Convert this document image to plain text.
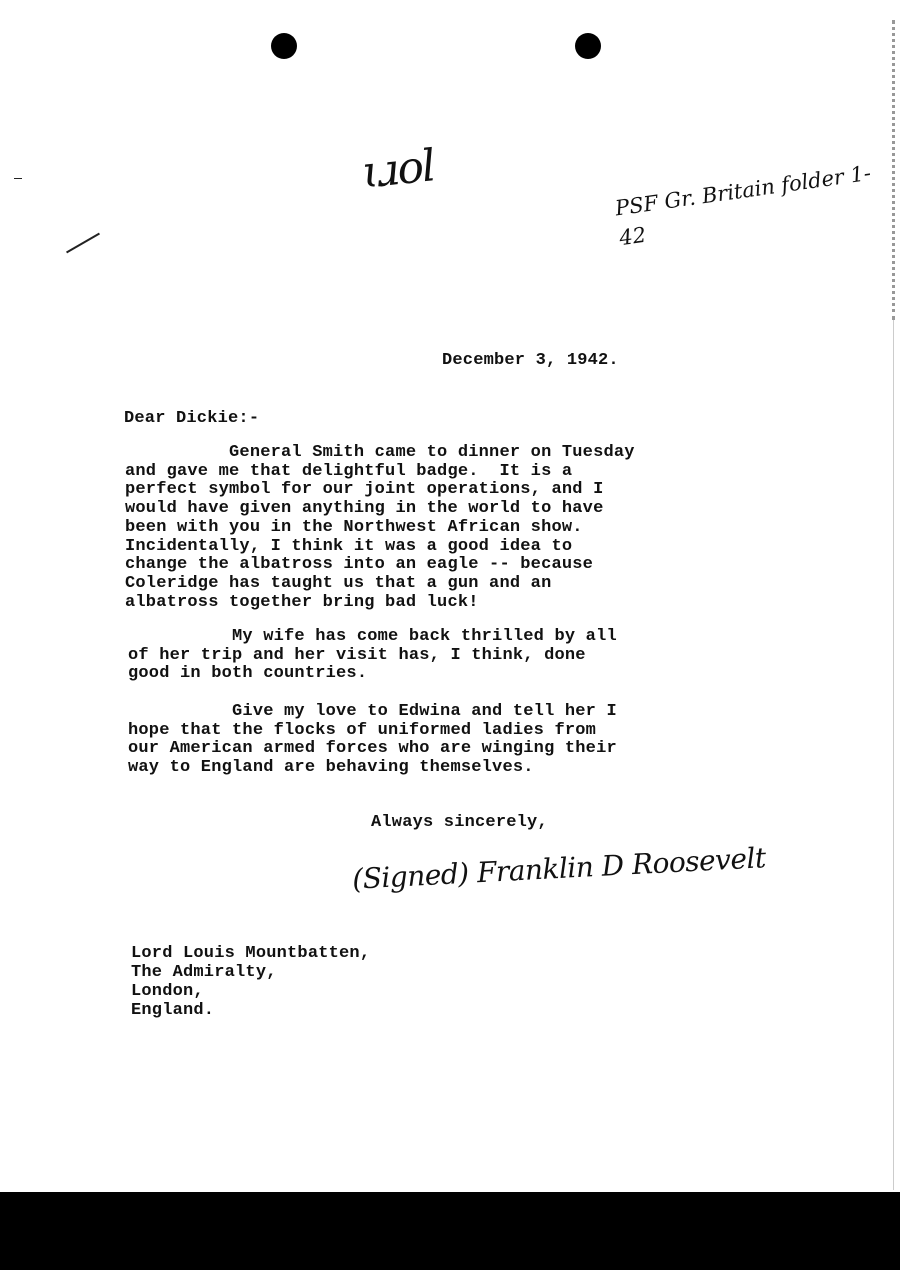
ɩɹol	PSF Gr. Britain folder 1-42
December 3, 1942.
Dear Dickie:-
General Smith came to dinner on Tuesday
and gave me that delightful badge.  It is a
perfect symbol for our joint operations, and I
would have given anything in the world to have
been with you in the Northwest African show.
Incidentally, I think it was a good idea to
change the albatross into an eagle -- because
Coleridge has taught us that a gun and an
albatross together bring bad luck!
My wife has come back thrilled by all
of her trip and her visit has, I think, done
good in both countries.
Give my love to Edwina and tell her I
hope that the flocks of uniformed ladies from
our American armed forces who are winging their
way to England are behaving themselves.
Always sincerely,
(Signed) Franklin D Roosevelt
Lord Louis Mountbatten,
The Admiralty,
London,
England.
